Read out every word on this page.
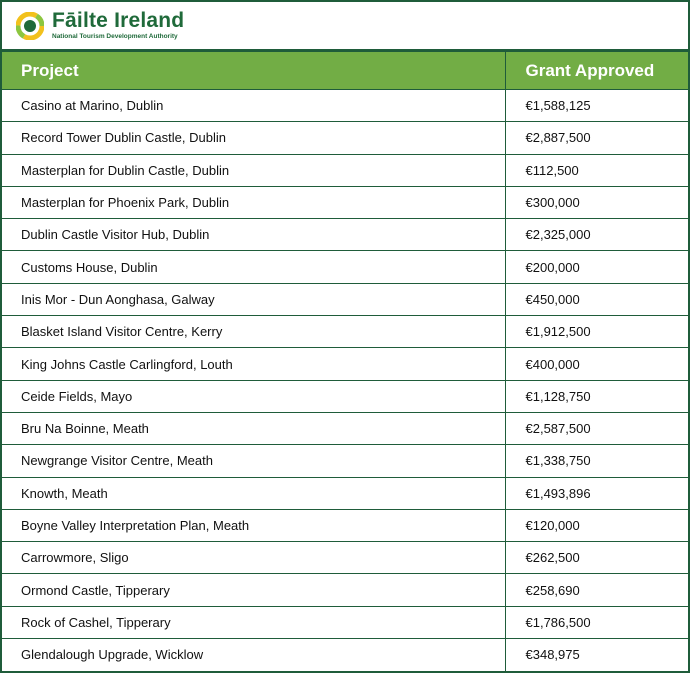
Fāilte Ireland
National Tourism Development Authority
Project	Grant Approved
Casino at Marino, Dublin	€1,588,125
Record Tower Dublin Castle, Dublin	€2,887,500
Masterplan for Dublin Castle, Dublin	€112,500
Masterplan for Phoenix Park, Dublin	€300,000
Dublin Castle Visitor Hub, Dublin	€2,325,000
Customs House, Dublin	€200,000
Inis Mor - Dun Aonghasa, Galway	€450,000
Blasket Island Visitor Centre, Kerry	€1,912,500
King Johns Castle Carlingford, Louth	€400,000
Ceide Fields, Mayo	€1,128,750
Bru Na Boinne, Meath	€2,587,500
Newgrange Visitor Centre, Meath	€1,338,750
Knowth, Meath	€1,493,896
Boyne Valley Interpretation Plan, Meath	€120,000
Carrowmore, Sligo	€262,500
Ormond Castle, Tipperary	€258,690
Rock of Cashel, Tipperary	€1,786,500
Glendalough Upgrade, Wicklow	€348,975
